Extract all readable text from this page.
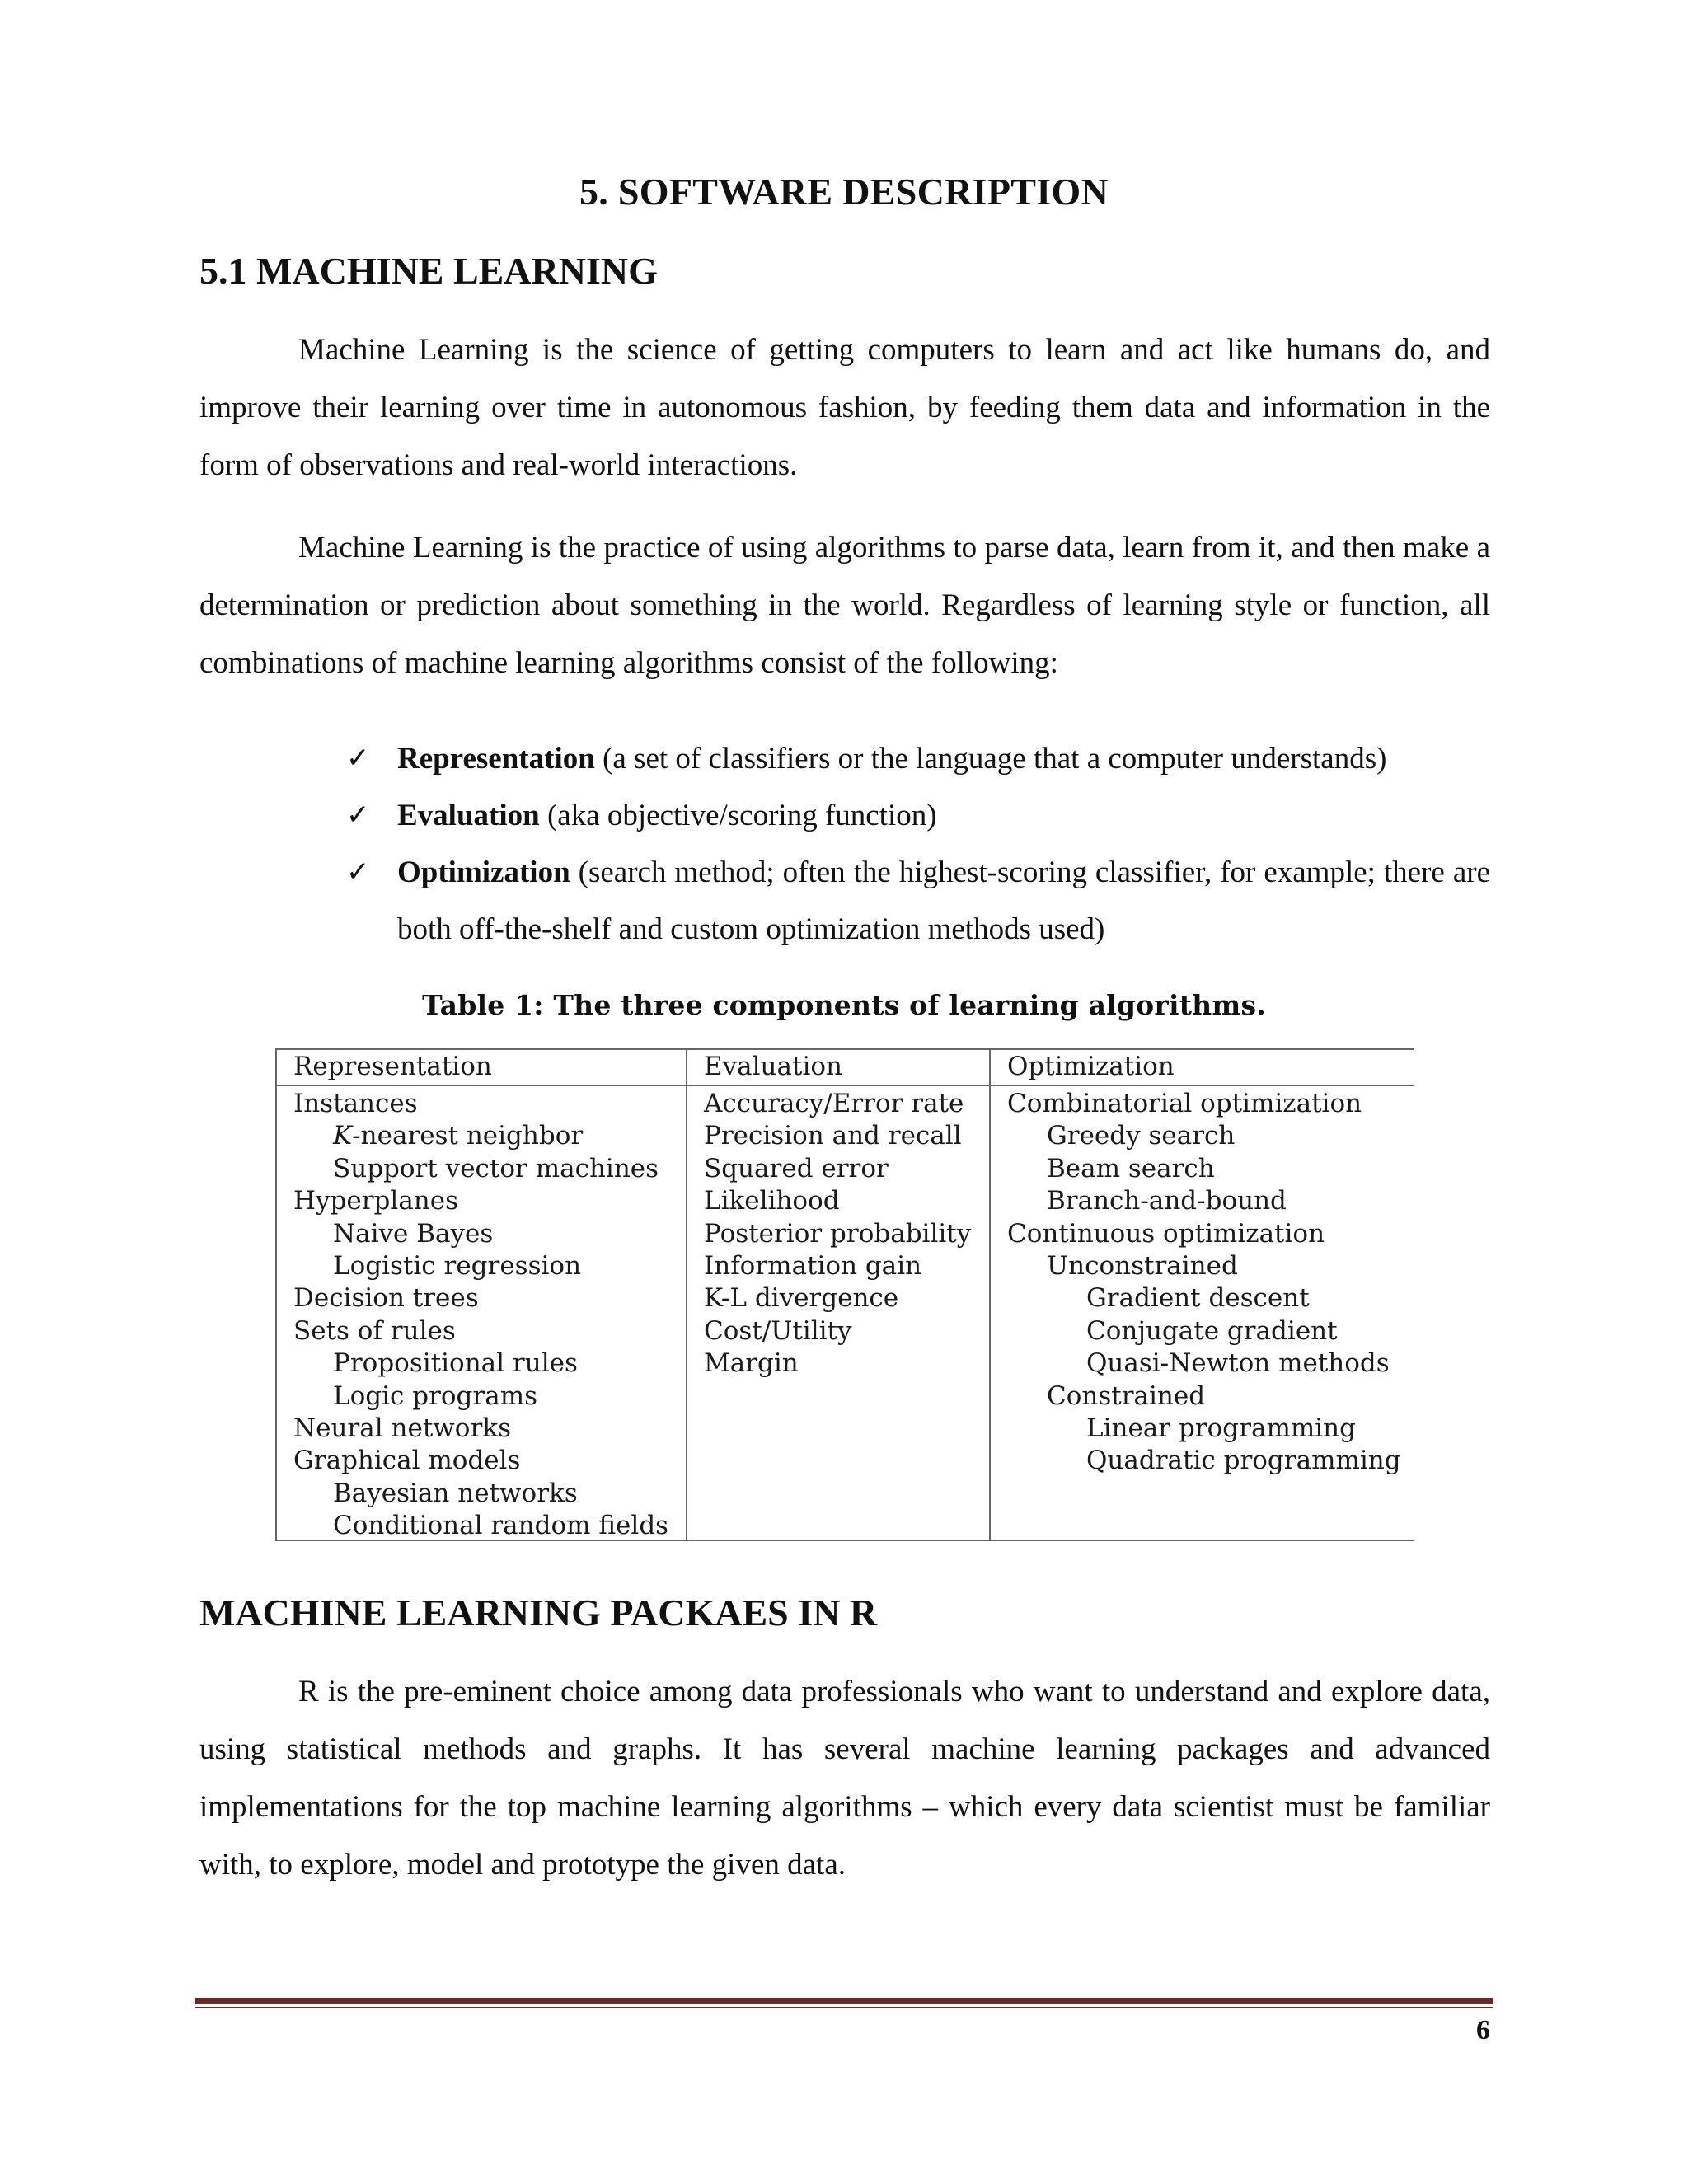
5. SOFTWARE DESCRIPTION
5.1 MACHINE LEARNING

Machine Learning is the science of getting computers to learn and act like humans do, and improve their learning over time in autonomous fashion, by feeding them data and information in the form of observations and real-world interactions.

Machine Learning is the practice of using algorithms to parse data, learn from it, and then make a determination or prediction about something in the world. Regardless of learning style or function, all combinations of machine learning algorithms consist of the following:

✓ Representation (a set of classifiers or the language that a computer understands)
✓ Evaluation (aka objective/scoring function)
✓ Optimization (search method; often the highest-scoring classifier, for example; there are both off-the-shelf and custom optimization methods used)
Table 1: The three components of learning algorithms.
Representation
Instances
K-nearest neighbor
Support vector machines
Hyperplanes
Naive Bayes
Logistic regression
Decision trees
Sets of rules
Propositional rules
Logic programs
Neural networks
Graphical models
Bayesian networks
Conditional random fields
Evaluation
Accuracy/Error rate
Precision and recall
Squared error
Likelihood
Posterior probability
Information gain
K-L divergence
Cost/Utility
Margin
Optimization
Combinatorial optimization
Greedy search
Beam search
Branch-and-bound
Continuous optimization
Unconstrained
Gradient descent
Conjugate gradient
Quasi-Newton methods
Constrained
Linear programming
Quadratic programming
MACHINE LEARNING PACKAES IN R

R is the pre-eminent choice among data professionals who want to understand and explore data, using statistical methods and graphs. It has several machine learning packages and advanced implementations for the top machine learning algorithms – which every data scientist must be familiar with, to explore, model and prototype the given data.

6
